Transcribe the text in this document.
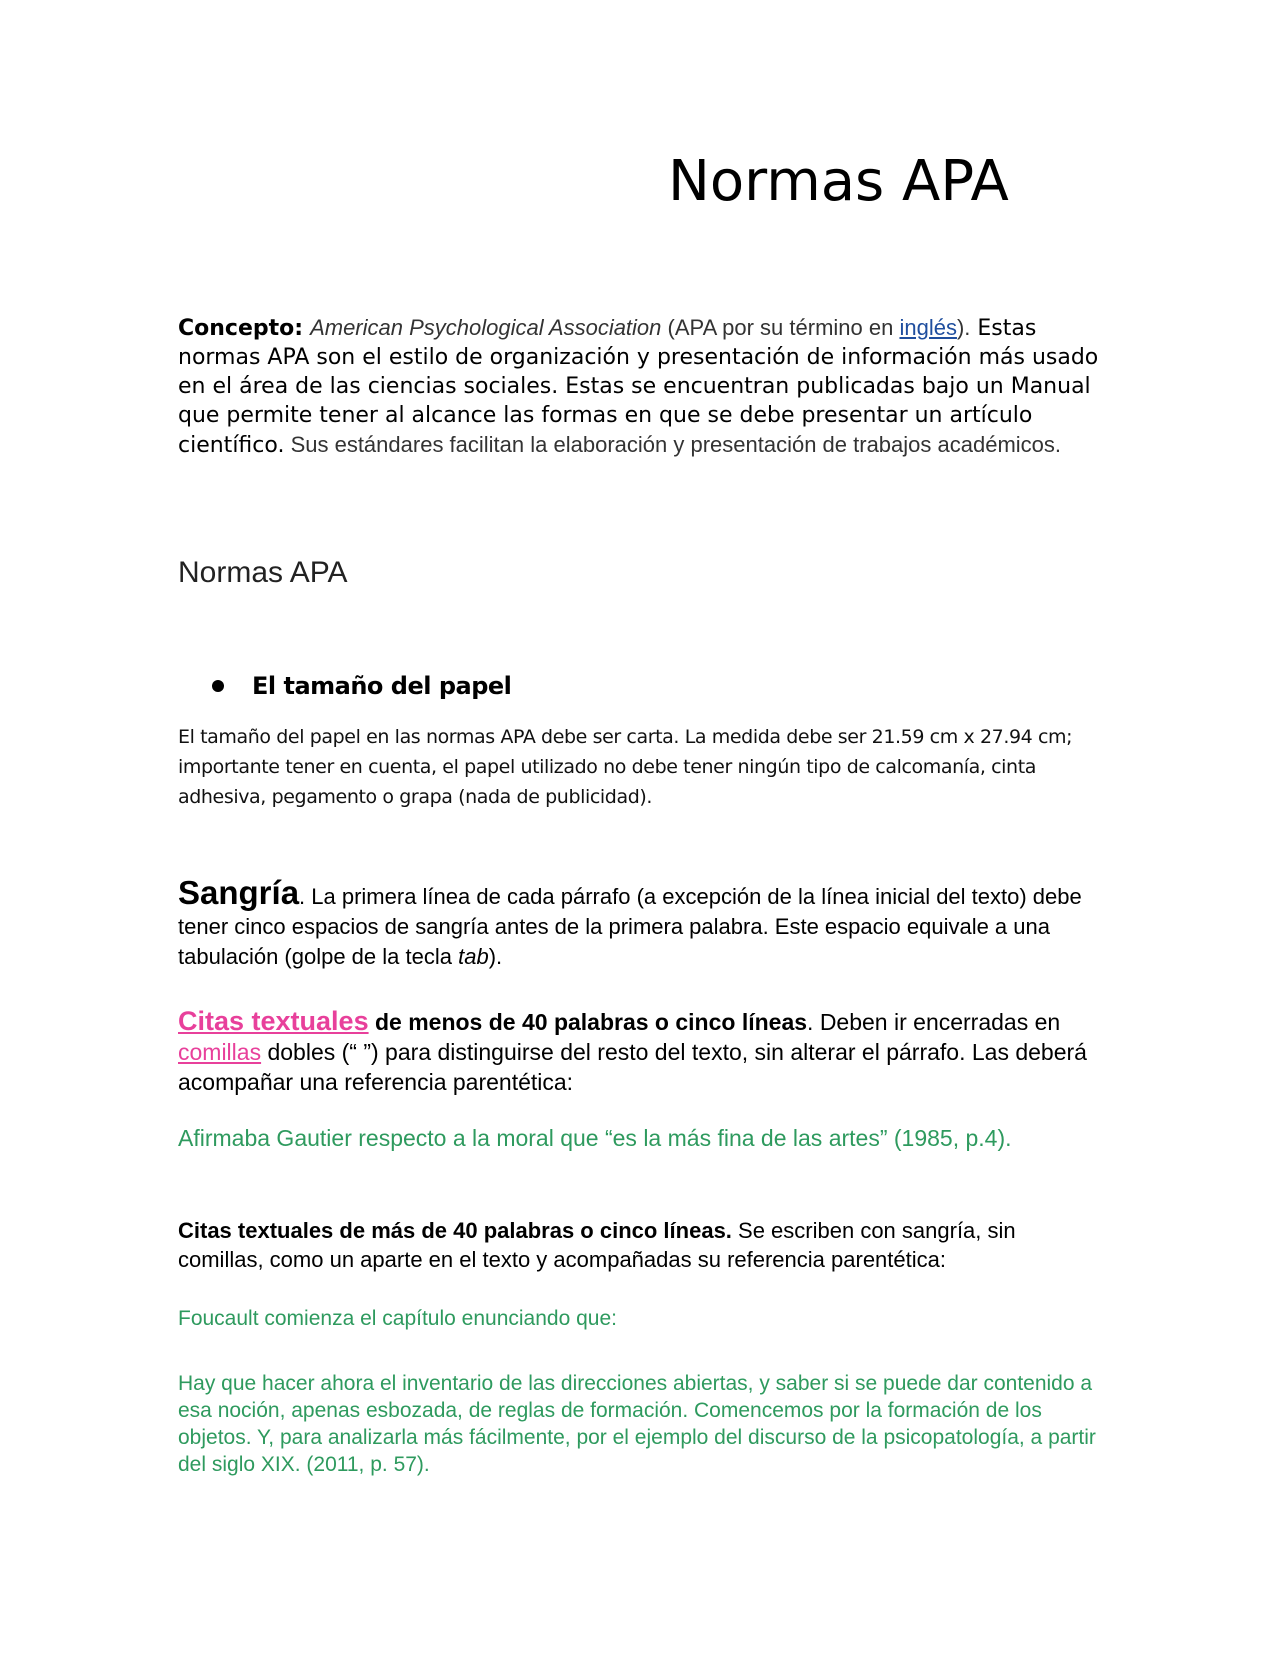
Normas APA

Concepto: American Psychological Association (APA por su término en inglés). Estas normas APA son el estilo de organización y presentación de información más usado en el área de las ciencias sociales. Estas se encuentran publicadas bajo un Manual que permite tener al alcance las formas en que se debe presentar un artículo científico. Sus estándares facilitan la elaboración y presentación de trabajos académicos.

Normas APA

El tamaño del papel

El tamaño del papel en las normas APA debe ser carta. La medida debe ser 21.59 cm x 27.94 cm; importante tener en cuenta, el papel utilizado no debe tener ningún tipo de calcomanía, cinta adhesiva, pegamento o grapa (nada de publicidad).

Sangría. La primera línea de cada párrafo (a excepción de la línea inicial del texto) debe tener cinco espacios de sangría antes de la primera palabra. Este espacio equivale a una tabulación (golpe de la tecla tab).

Citas textuales de menos de 40 palabras o cinco líneas. Deben ir encerradas en comillas dobles (“ ”) para distinguirse del resto del texto, sin alterar el párrafo. Las deberá acompañar una referencia parentética:

Afirmaba Gautier respecto a la moral que “es la más fina de las artes” (1985, p.4).

Citas textuales de más de 40 palabras o cinco líneas. Se escriben con sangría, sin comillas, como un aparte en el texto y acompañadas su referencia parentética:

Foucault comienza el capítulo enunciando que:

Hay que hacer ahora el inventario de las direcciones abiertas, y saber si se puede dar contenido a esa noción, apenas esbozada, de reglas de formación. Comencemos por la formación de los objetos. Y, para analizarla más fácilmente, por el ejemplo del discurso de la psicopatología, a partir del siglo XIX. (2011, p. 57).
